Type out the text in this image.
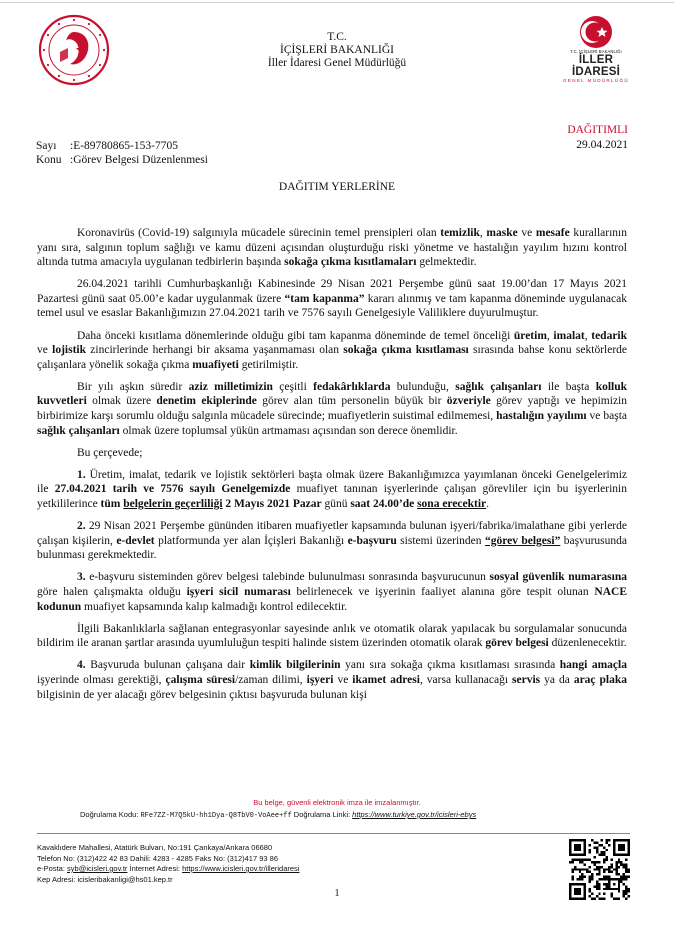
T.C.
İÇİŞLERİ BAKANLIĞI
İller İdaresi Genel Müdürlüğü
T.C. İÇİŞLERİ BAKANLIĞI
İLLER İDARESİ
GENEL MÜDÜRLÜĞÜ
DAĞITIMLI
29.04.2021
Sayı :E-89780865-153-7705
Konu :Görev Belgesi Düzenlenmesi
DAĞITIM YERLERİNE

Koronavirüs (Covid-19) salgınıyla mücadele sürecinin temel prensipleri olan temizlik, maske ve mesafe kurallarının yanı sıra, salgının toplum sağlığı ve kamu düzeni açısından oluşturduğu riski yönetme ve hastalığın yayılım hızını kontrol altında tutma amacıyla uygulanan tedbirlerin başında sokağa çıkma kısıtlamaları gelmektedir.

26.04.2021 tarihli Cumhurbaşkanlığı Kabinesinde 29 Nisan 2021 Perşembe günü saat 19.00’dan 17 Mayıs 2021 Pazartesi günü saat 05.00’e kadar uygulanmak üzere “tam kapanma” kararı alınmış ve tam kapanma döneminde uygulanacak temel usul ve esaslar Bakanlığımızın 27.04.2021 tarih ve 7576 sayılı Genelgesiyle Valiliklere duyurulmuştur.

Daha önceki kısıtlama dönemlerinde olduğu gibi tam kapanma döneminde de temel önceliği üretim, imalat, tedarik ve lojistik zincirlerinde herhangi bir aksama yaşanmaması olan sokağa çıkma kısıtlaması sırasında bahse konu sektörlerde çalışanlara yönelik sokağa çıkma muafiyeti getirilmiştir.

Bir yılı aşkın süredir aziz milletimizin çeşitli fedakârlıklarda bulunduğu, sağlık çalışanları ile başta kolluk kuvvetleri olmak üzere denetim ekiplerinde görev alan tüm personelin büyük bir özveriyle görev yaptığı ve hepimizin birbirimize karşı sorumlu olduğu salgınla mücadele sürecinde; muafiyetlerin suistimal edilmemesi, hastalığın yayılımı ve başta sağlık çalışanları olmak üzere toplumsal yükün artmaması açısından son derece önemlidir.

Bu çerçevede;

1. Üretim, imalat, tedarik ve lojistik sektörleri başta olmak üzere Bakanlığımızca yayımlanan önceki Genelgelerimiz ile 27.04.2021 tarih ve 7576 sayılı Genelgemizde muafiyet tanınan işyerlerinde çalışan görevliler için bu işyerlerinin yetkililerince tüm belgelerin geçerliliği 2 Mayıs 2021 Pazar günü saat 24.00’de sona erecektir.

2. 29 Nisan 2021 Perşembe gününden itibaren muafiyetler kapsamında bulunan işyeri/fabrika/imalathane gibi yerlerde çalışan kişilerin, e-devlet platformunda yer alan İçişleri Bakanlığı e-başvuru sistemi üzerinden “görev belgesi” başvurusunda bulunması gerekmektedir.

3. e-başvuru sisteminden görev belgesi talebinde bulunulması sonrasında başvurucunun sosyal güvenlik numarasına göre halen çalışmakta olduğu işyeri sicil numarası belirlenecek ve işyerinin faaliyet alanına göre tespit olunan NACE kodunun muafiyet kapsamında kalıp kalmadığı kontrol edilecektir.

İlgili Bakanlıklarla sağlanan entegrasyonlar sayesinde anlık ve otomatik olarak yapılacak bu sorgulamalar sonucunda bildirim ile aranan şartlar arasında uyumluluğun tespiti halinde sistem üzerinden otomatik olarak görev belgesi düzenlenecektir.

4. Başvuruda bulunan çalışana dair kimlik bilgilerinin yanı sıra sokağa çıkma kısıtlaması sırasında hangi amaçla işyerinde olması gerektiği, çalışma süresi/zaman dilimi, işyeri ve ikamet adresi, varsa kullanacağı servis ya da araç plaka bilgisinin de yer alacağı görev belgesinin çıktısı başvuruda bulunan kişi

Bu belge, güvenli elektronik imza ile imzalanmıştır.
Doğrulama Kodu: RFe7ZZ-M7Q5kU-hh1Dya-Q8TbV0-VoAee+ff Doğrulama Linki: https://www.turkiye.gov.tr/icisleri-ebys
Kavaklıdere Mahallesi, Atatürk Bulvarı, No:191 Çankaya/Ankara 06680
Telefon No: (312)422 42 83 Dahili: 4283 - 4285 Faks No: (312)417 93 86
e-Posta: syb@icisleri.gov.tr İnternet Adresi: https://www.icisleri.gov.tr/illeridaresi
Kep Adresi: icisleribakanligi@hs01.kep.tr
1
